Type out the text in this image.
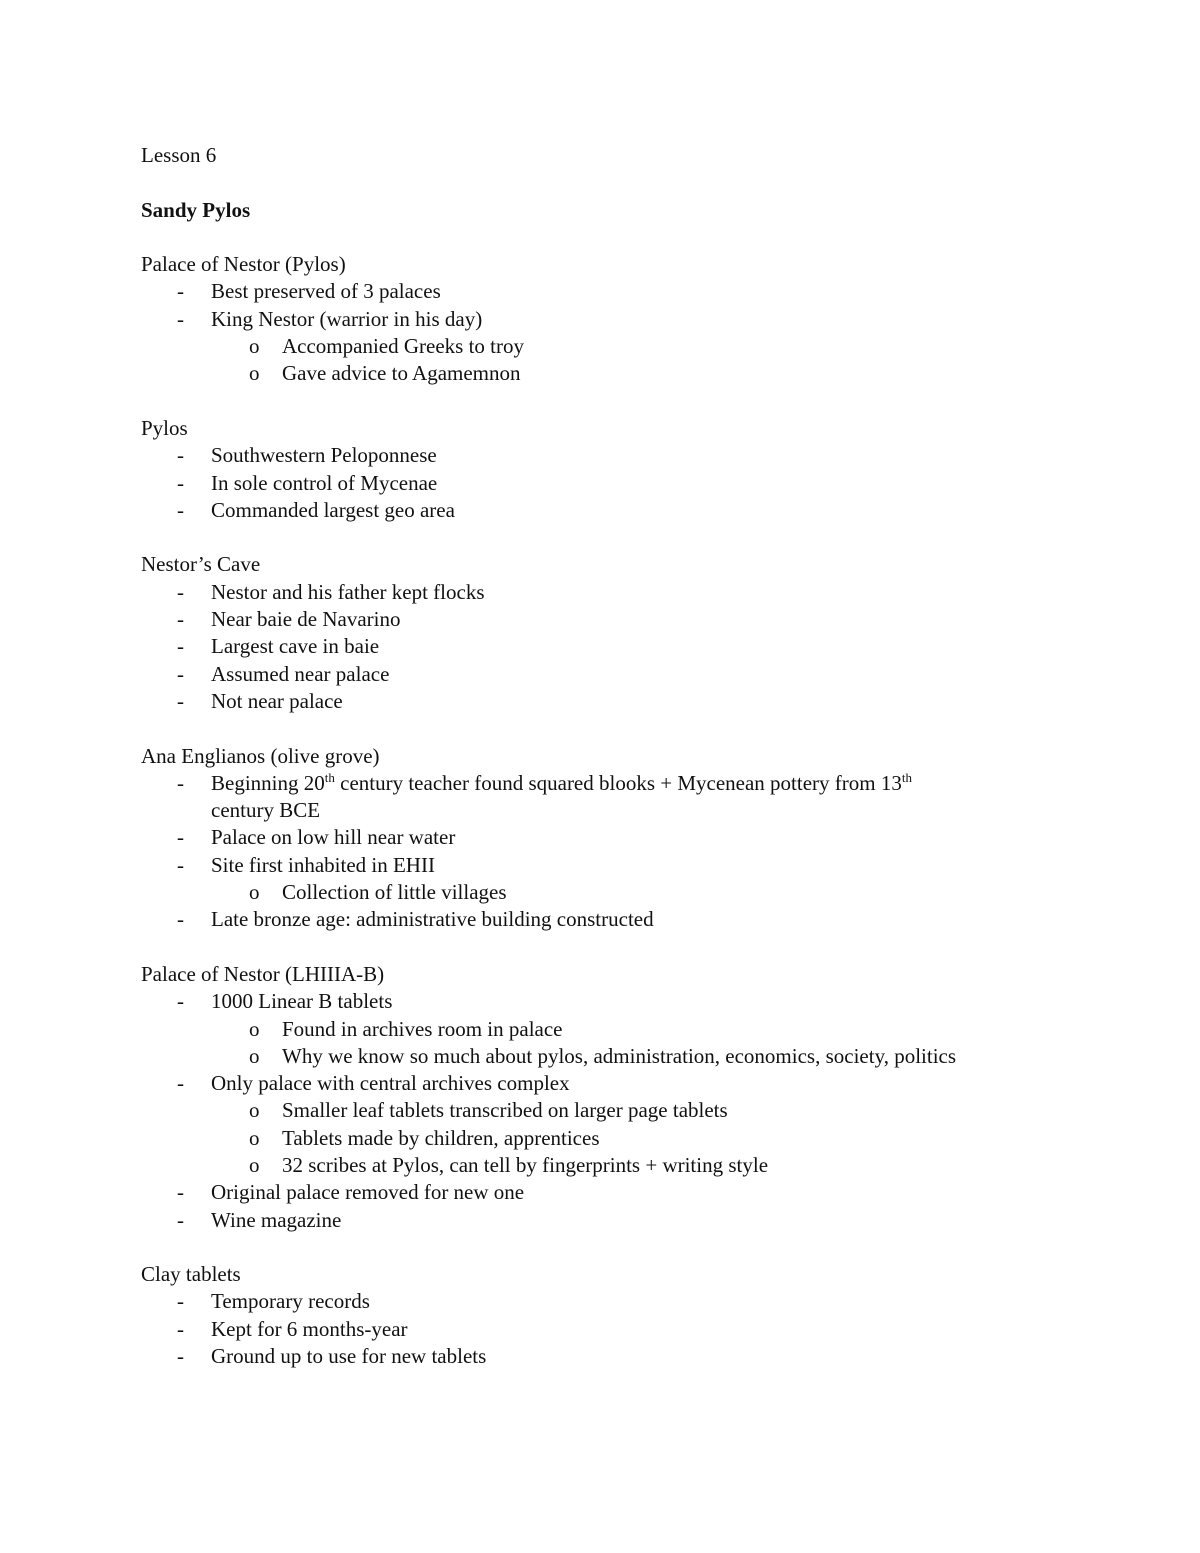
Lesson 6
Sandy Pylos
Palace of Nestor (Pylos)
- Best preserved of 3 palaces
- King Nestor (warrior in his day)
o Accompanied Greeks to troy
o Gave advice to Agamemnon
Pylos
- Southwestern Peloponnese
- In sole control of Mycenae
- Commanded largest geo area
Nestor’s Cave
- Nestor and his father kept flocks
- Near baie de Navarino
- Largest cave in baie
- Assumed near palace
- Not near palace
Ana Englianos (olive grove)
- Beginning 20th century teacher found squared blooks + Mycenean pottery from 13th
century BCE
- Palace on low hill near water
- Site first inhabited in EHII
o Collection of little villages
- Late bronze age: administrative building constructed
Palace of Nestor (LHIIIA-B)
- 1000 Linear B tablets
o Found in archives room in palace
o Why we know so much about pylos, administration, economics, society, politics
- Only palace with central archives complex
o Smaller leaf tablets transcribed on larger page tablets
o Tablets made by children, apprentices
o 32 scribes at Pylos, can tell by fingerprints + writing style
- Original palace removed for new one
- Wine magazine
Clay tablets
- Temporary records
- Kept for 6 months-year
- Ground up to use for new tablets
